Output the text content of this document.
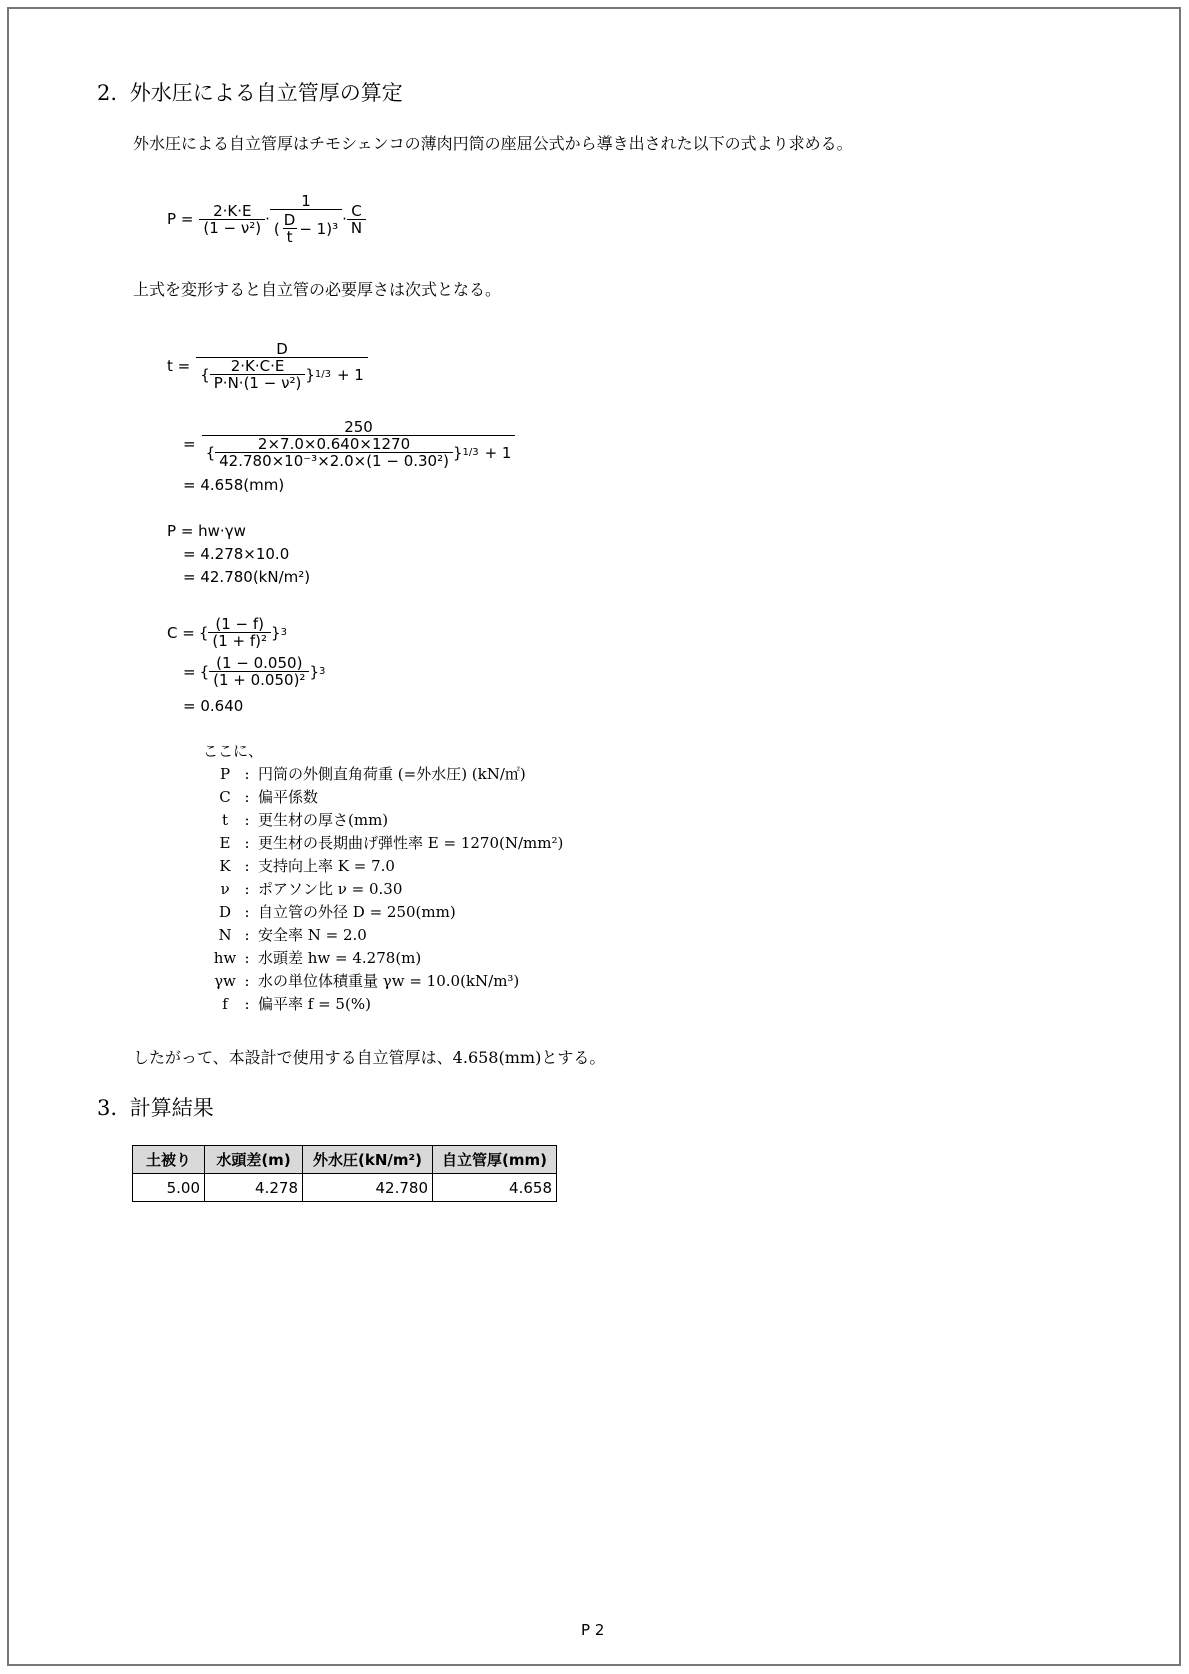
2. 外水圧による自立管厚の算定
外水圧による自立管厚はチモシェンコの薄肉円筒の座屈公式から導き出された以下の式より求める。
$P = \frac{2\cdot K\cdot E}{\text{(1 − ν²)}} \cdot \frac{1}{( \frac{D}{t} - 1)^3} \cdot \frac{C}{N}$
上式を変形すると自立管の必要厚さは次式となる。
t =
D
{ $\frac{2\cdot K\cdot C\cdot E}{\text{P·N·(1 − ν²)}}$ } 1/3 + 1
=
250
{ $\frac{2\times 7.0\times 0.640\times 1270}{\text{42.780×10⁻³×2.0×(1 − 0.30²)}}$ } 1/3 + 1
= 4.658(mm)
P = hw·γw
= 4.278×10.0
= 42.780(kN/m²)
C = { $\frac{(1 - f)}{\text{(1 + f)²}}$ } 3
= { $\frac{(1 - 0.050)}{\text{(1 + 0.050)²}}$ } 3
= 0.640
ここに、
P : 円筒の外側直角荷重 (=外水圧) (kN/㎡)
C : 偏平係数
t : 更生材の厚さ(mm)
E : 更生材の長期曲げ弾性率 E = 1270(N/mm²)
K : 支持向上率 K = 7.0
ν : ポアソン比 ν = 0.30
D : 自立管の外径 D = 250(mm)
N : 安全率 N = 2.0
hw : 水頭差 hw = 4.278(m)
γw : 水の単位体積重量 γw = 10.0(kN/m³)
f : 偏平率 f = 5(%)
したがって、本設計で使用する自立管厚は、4.658(mm)とする。
3. 計算結果
土被り	水頭差(m)	外水圧(kN/m²)	自立管厚(mm)
5.00	4.278	42.780	4.658
P 2
